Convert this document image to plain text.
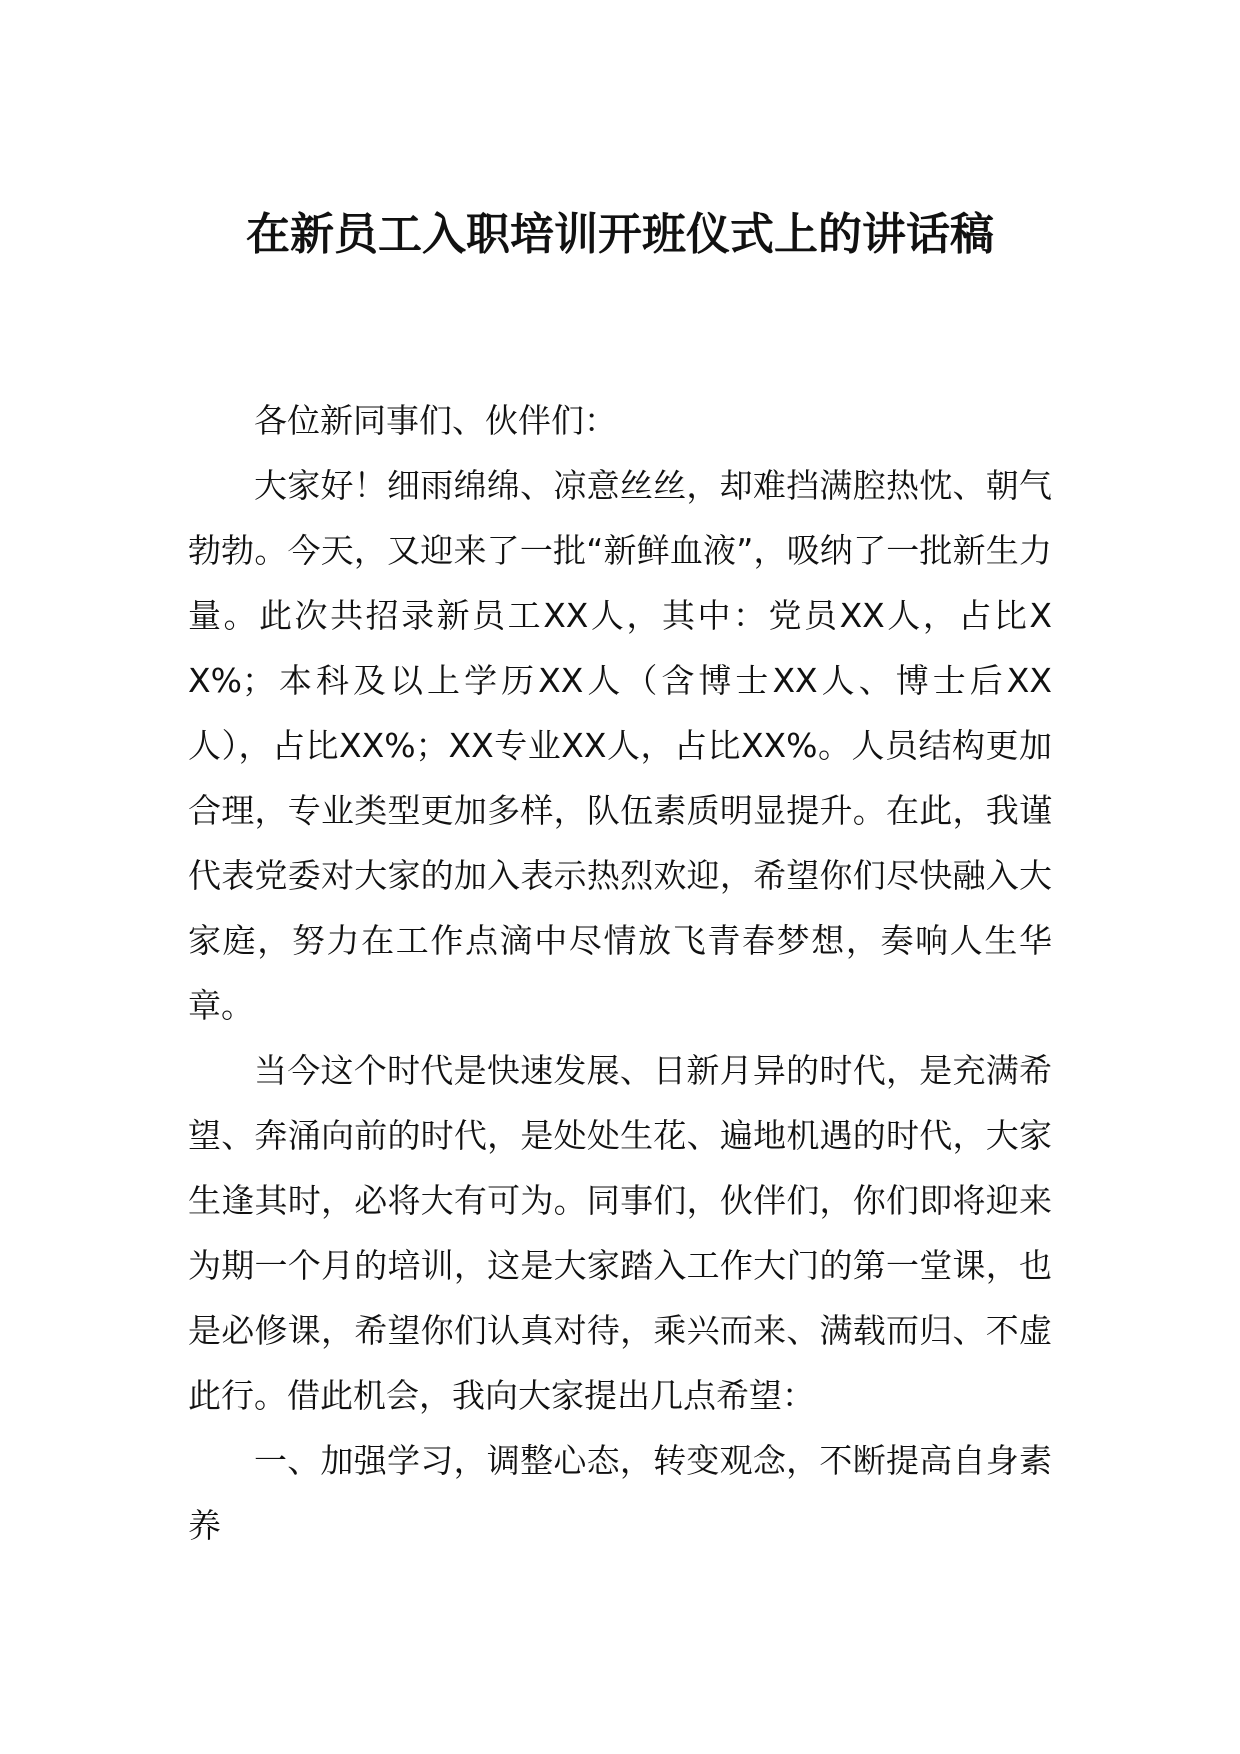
在新员工入职培训开班仪式上的讲话稿

各位新同事们、伙伴们：

大家好！细雨绵绵、凉意丝丝，却难挡满腔热忱、朝气勃勃。今天，又迎来了一批“新鲜血液”，吸纳了一批新生力量。此次共招录新员工XX人，其中：党员XX人，占比XX%；本科及以上学历XX人（含博士XX人、博士后XX人），占比XX%；XX专业XX人，占比XX%。人员结构更加合理，专业类型更加多样，队伍素质明显提升。在此，我谨代表党委对大家的加入表示热烈欢迎，希望你们尽快融入大家庭，努力在工作点滴中尽情放飞青春梦想，奏响人生华章。

当今这个时代是快速发展、日新月异的时代，是充满希望、奔涌向前的时代，是处处生花、遍地机遇的时代，大家生逢其时，必将大有可为。同事们，伙伴们，你们即将迎来为期一个月的培训，这是大家踏入工作大门的第一堂课，也是必修课，希望你们认真对待，乘兴而来、满载而归、不虚此行。借此机会，我向大家提出几点希望：

一、加强学习，调整心态，转变观念，不断提高自身素养
